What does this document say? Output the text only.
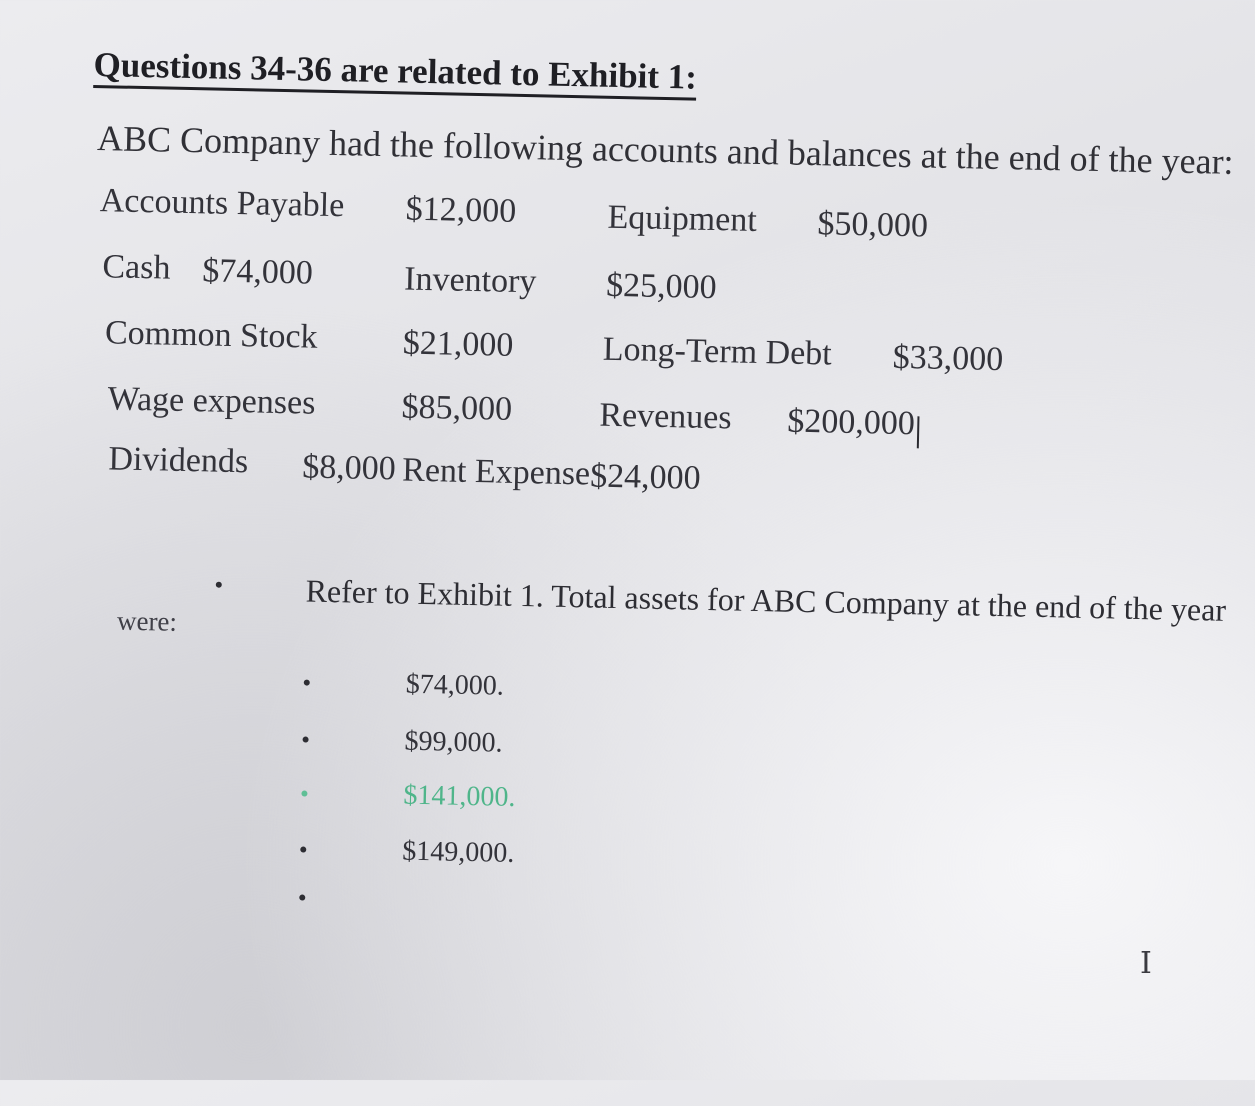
Questions 34-36 are related to Exhibit 1:
ABC Company had the following accounts and balances at the end of the year:
Accounts Payable $12,000	Equipment $50,000
Cash $74,000	Inventory $25,000
Common Stock $21,000	Long-Term Debt $33,000
Wage expenses	$85,000	Revenues $200,000
Dividends $8,000 Rent Expense $24,000
Refer to Exhibit 1. Total assets for ABC Company at the end of the year
were:
$74,000.
$99,000.
$141,000.
$149,000.
I
